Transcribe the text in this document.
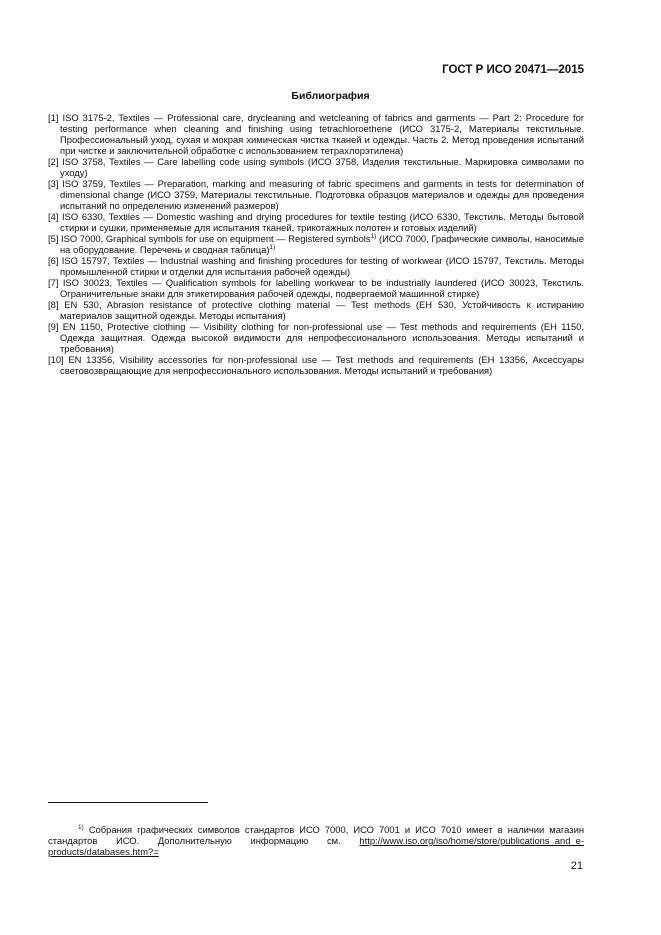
ГОСТ Р ИСО 20471—2015
Библиография

[1] ISO 3175-2, Textiles — Professional care, drycleaning and wetcleaning of fabrics and garments — Part 2: Procedure for testing performance when cleaning and finishing using tetrachloroethene (ИСО 3175-2, Материалы текстильные. Профессиональный уход, сухая и мокрая химическая чистка тканей и одежды. Часть 2. Метод проведения испытаний при чистке и заключительной обработке с использованием тетрахлорэтилена)

[2] ISO 3758, Textiles — Care labelling code using symbols (ИСО 3758, Изделия текстильные. Маркировка символами по уходу)

[3] ISO 3759, Textiles — Preparation, marking and measuring of fabric specimens and garments in tests for determination of dimensional change (ИСО 3759, Материалы текстильные. Подготовка образцов материалов и одежды для проведения испытаний по определению изменений размеров)

[4] ISO 6330, Textiles — Domestic washing and drying procedures for textile testing (ИСО 6330, Текстиль. Методы бытовой стирки и сушки, применяемые для испытания тканей, трикотажных полотен и готовых изделий)

[5] ISO 7000, Graphical symbols for use on equipment — Registered symbols$^{1)}$ (ИСО 7000, Графические символы, наносимые на оборудование. Перечень и сводная таблица)$^{1)}$

[6] ISO 15797, Textiles — Industrial washing and finishing procedures for testing of workwear (ИСО 15797, Текстиль. Методы промышленной стирки и отделки для испытания рабочей одежды)

[7] ISO 30023, Textiles — Qualification symbols for labelling workwear to be industrially laundered (ИСО 30023, Текстиль. Ограничительные знаки для этикетирования рабочей одежды, подвергаемой машинной стирке)

[8] EN 530, Abrasion resistance of protective clothing material — Test methods (ЕН 530, Устойчивость к истиранию материалов защитной одежды. Методы испытания)

[9] EN 1150, Protective clothing — Visibility clothing for non-professional use — Test methods and requirements (ЕН 1150, Одежда защитная. Одежда высокой видимости для непрофессионального использования. Методы испытаний и требования)

[10] EN 13356, Visibility accessories for non-professional use — Test methods and requirements (ЕН 13356, Аксессуары световозвращающие для непрофессионального использования. Методы испытаний и требования)

$^{1)}$ Собрания графических символов стандартов ИСО 7000, ИСО 7001 и ИСО 7010 имеет в наличии магазин стандартов ИСО. Дополнительную информацию см. http://www.iso.org/iso/home/store/publications_and_e-products/databases.htm?=
21
